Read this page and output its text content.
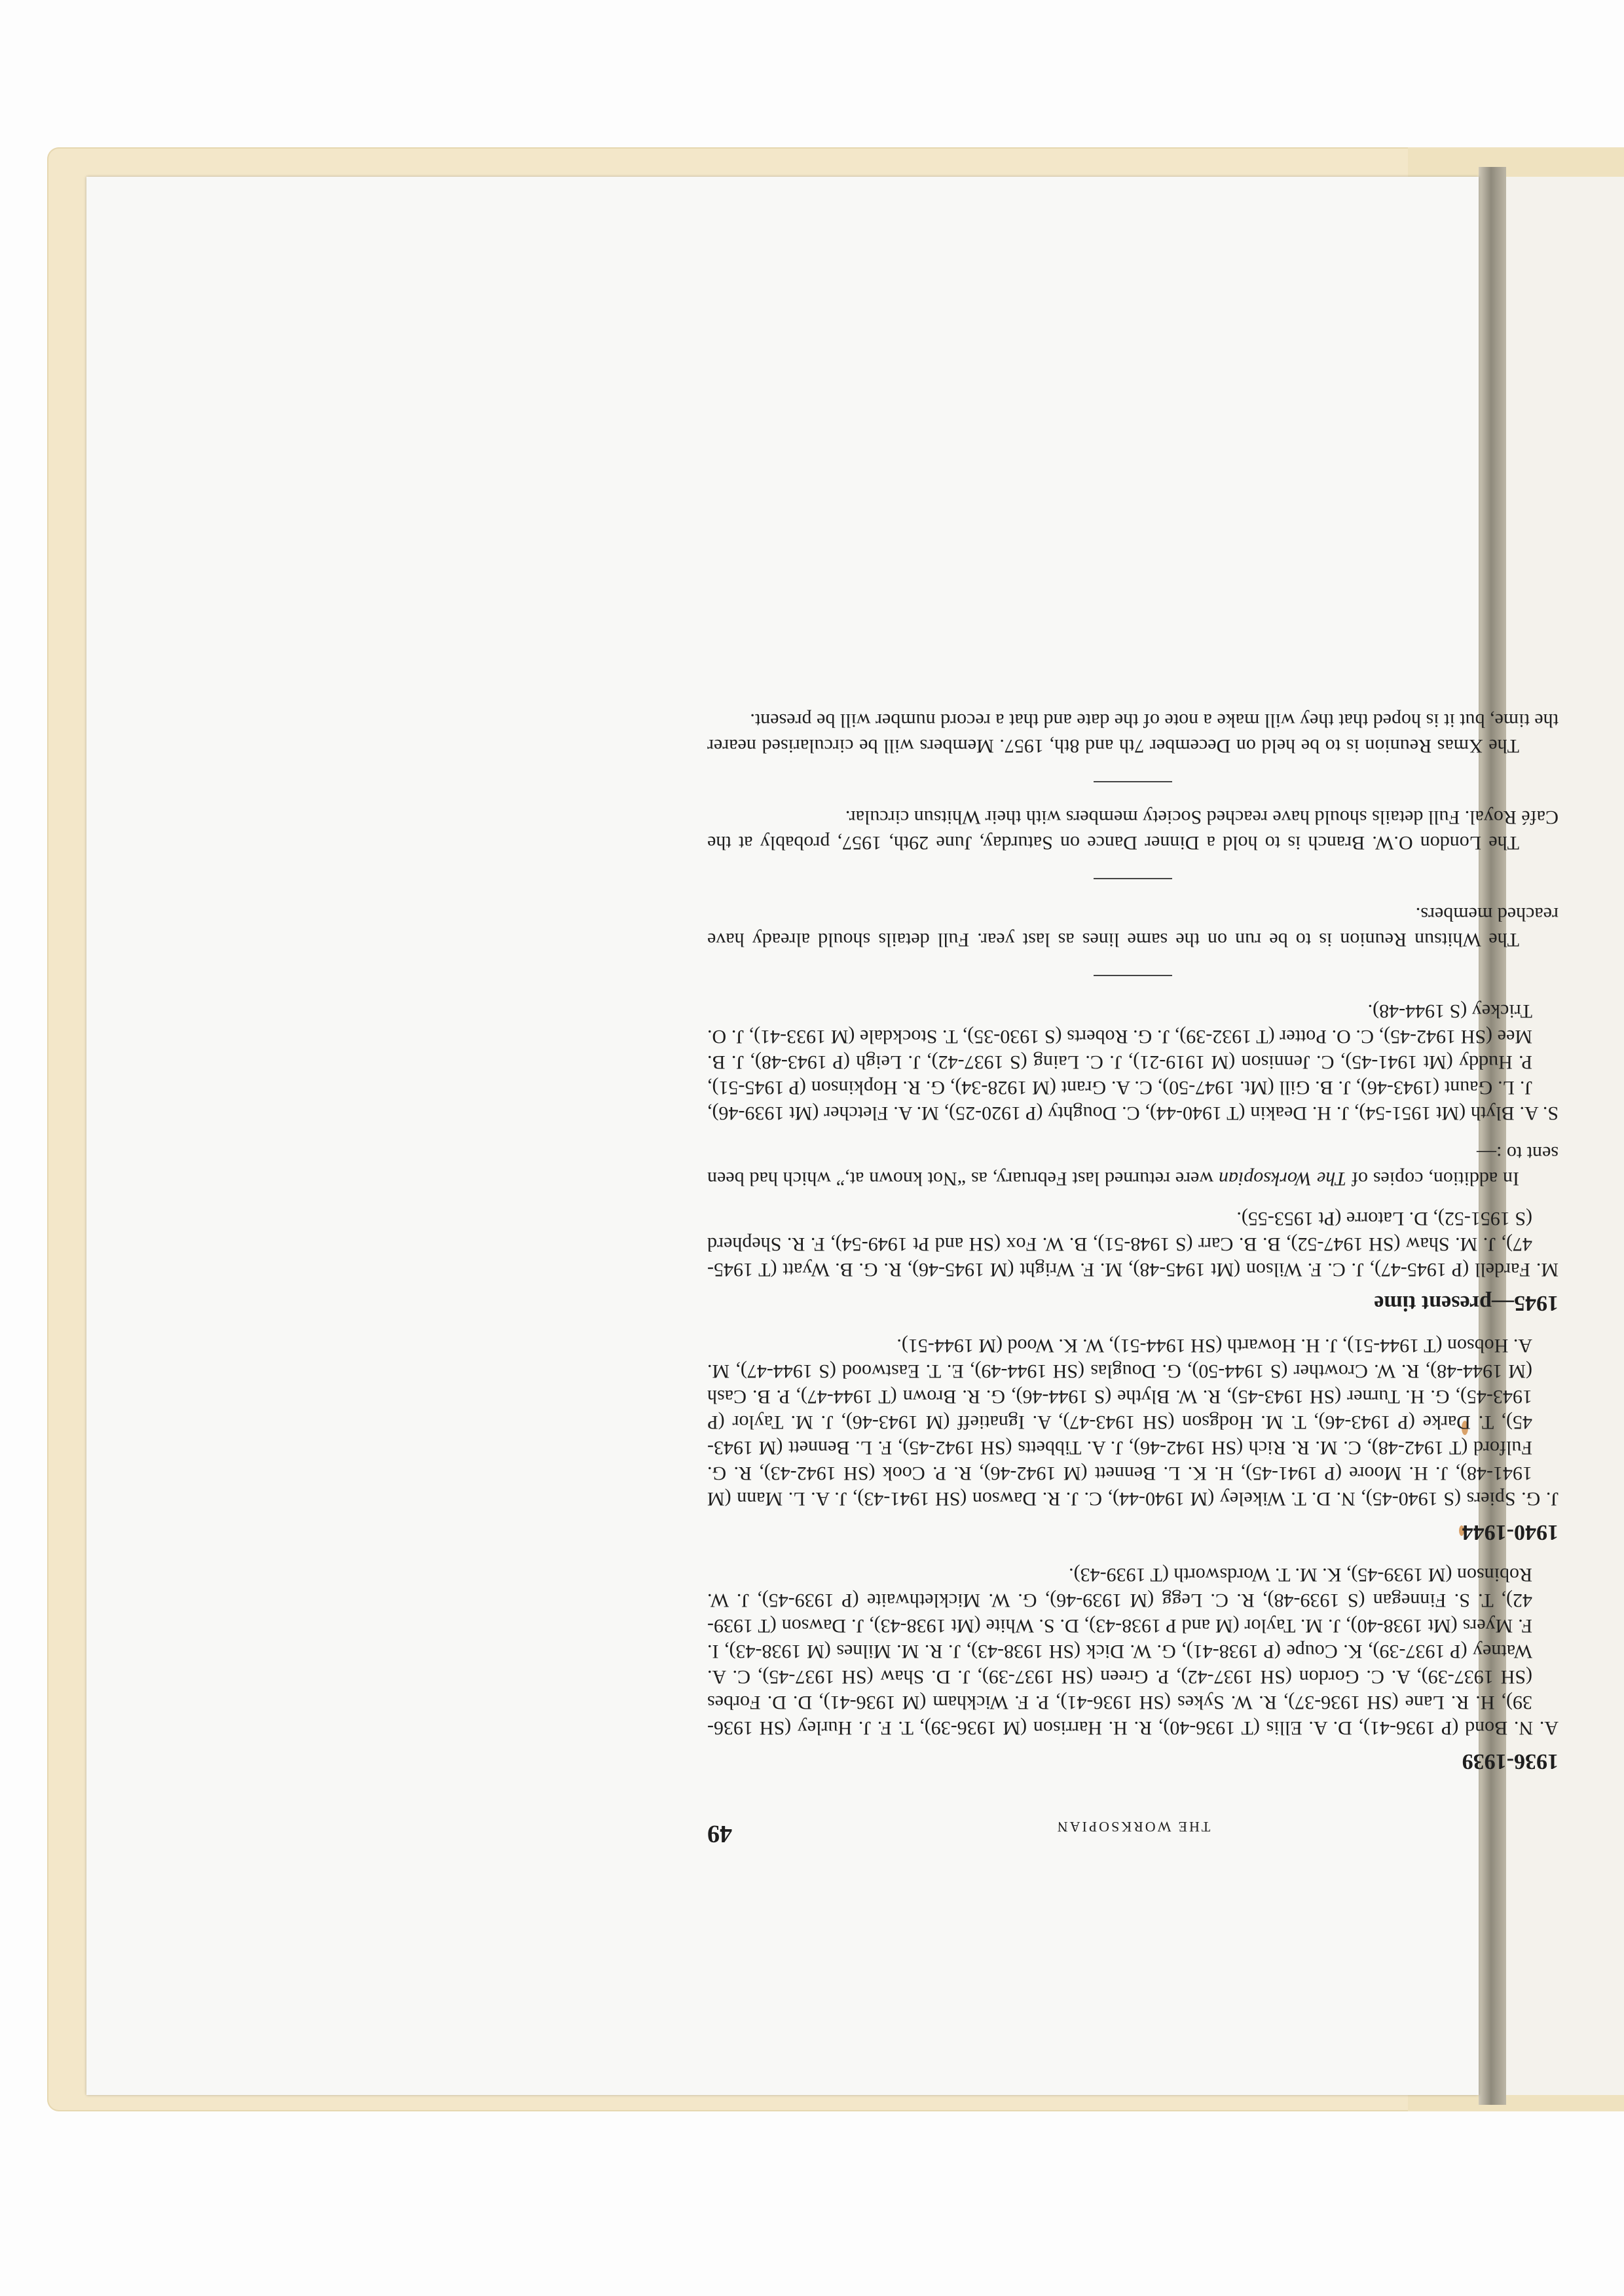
THE WORKSOPIAN
49
1936-1939
A. N. Bond (P 1936-41), D. A. Ellis (T 1936-40), R. H. Harrison (M 1936-39), T. F. J. Hurley (SH 1936-39), H. R. Lane (SH 1936-37), R. W. Sykes (SH 1936-41), P. F. Wickham (M 1936-41), D. D. Forbes (SH 1937-39), A. C. Gordon (SH 1937-42), P. Green (SH 1937-39), J. D. Shaw (SH 1937-45), C. A. Watney (P 1937-39), K. Coupe (P 1938-41), G. W. Dick (SH 1938-43), J. R. M. Milnes (M 1938-43), I. F. Myers (Mt 1938-40), J. M. Taylor (M and P 1938-43), D. S. White (Mt 1938-43), J. Dawson (T 1939-42), T. S. Finnegan (S 1939-48), R. C. Legg (M 1939-46), G. W. Micklethwaite (P 1939-45), J. W. Robinson (M 1939-45), K. M. T. Wordsworth (T 1939-43).
1940-1944
J. G. Spiers (S 1940-45), N. D. T. Wikeley (M 1940-44), C. J. R. Dawson (SH 1941-43), J. A. L. Mann (M 1941-48), J. H. Moore (P 1941-45), H. K. L. Bennett (M 1942-46), R. P. Cook (SH 1942-43), R. G. Fulford (T 1942-48), C. M. R. Rich (SH 1942-46), J. A. Tibbetts (SH 1942-45), F. L. Bennett (M 1943-45), T. Darke (P 1943-46), T. M. Hodgson (SH 1943-47), A. Ignatieff (M 1943-46), J. M. Taylor (P 1943-45), G. H. Turner (SH 1943-45), R. W. Blythe (S 1944-46), G. R. Brown (T 1944-47), P. B. Cash (M 1944-48), R. W. Crowther (S 1944-50), G. Douglas (SH 1944-49), E. T. Eastwood (S 1944-47), M. A. Hobson (T 1944-51), J. H. Howarth (SH 1944-51), W. K. Wood (M 1944-51).
1945—present time
M. Fardell (P 1945-47), J. C. F. Wilson (Mt 1945-48), M. F. Wright (M 1945-46), R. G. B. Wyatt (T 1945-47), J. M. Shaw (SH 1947-52), B. B. Carr (S 1948-51), B. W. Fox (SH and Pt 1949-54), F. R. Shepherd (S 1951-52), D. Latorre (Pt 1953-55).

In addition, copies of The Worksopian were returned last February, as “Not known at,” which had been sent to :—

S. A. Blyth (Mt 1951-54), J. H. Deakin (T 1940-44), C. Doughty (P 1920-25), M. A. Fletcher (Mt 1939-46), J. L. Gaunt (1943-46), J. B. Gill (Mt. 1947-50), C. A. Grant (M 1928-34), G. R. Hopkinson (P 1945-51), P. Huddy (Mt 1941-45), C. Jennison (M 1919-21), J. C. Laing (S 1937-42), J. Leigh (P 1943-48), J. B. Mee (SH 1942-45), C. O. Potter (T 1932-39), J. G. Roberts (S 1930-35), T. Stockdale (M 1933-41), J. O. Trickey (S 1944-48).

The Whitsun Reunion is to be run on the same lines as last year. Full details should already have reached members.

The London O.W. Branch is to hold a Dinner Dance on Saturday, June 29th, 1957, probably at the Café Royal. Full details should have reached Society members with their Whitsun circular.

The Xmas Reunion is to be held on December 7th and 8th, 1957. Members will be circularised nearer the time, but it is hoped that they will make a note of the date and that a record number will be present.
